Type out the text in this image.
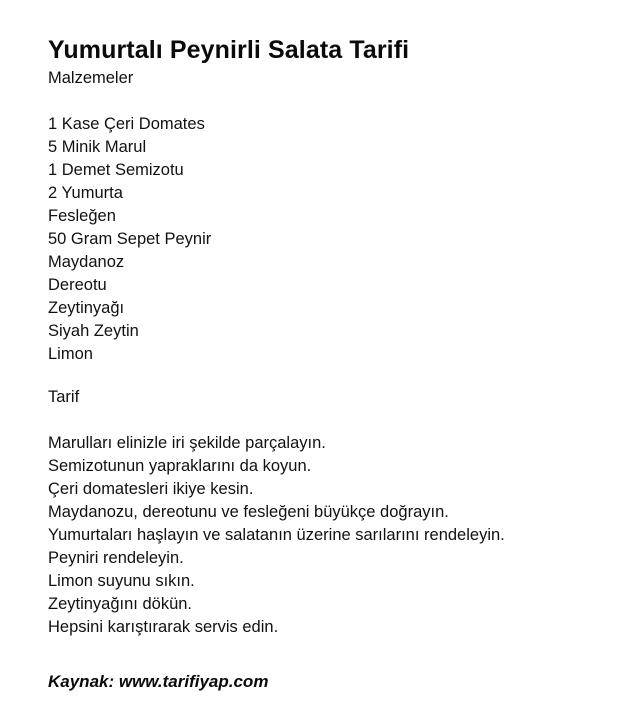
Yumurtalı Peynirli Salata Tarifi
Malzemeler
1 Kase Çeri Domates
5 Minik Marul
1 Demet Semizotu
2 Yumurta
Fesleğen
50 Gram Sepet Peynir
Maydanoz
Dereotu
Zeytinyağı
Siyah Zeytin
Limon
Tarif
Marulları elinizle iri şekilde parçalayın.
Semizotunun yapraklarını da koyun.
Çeri domatesleri ikiye kesin.
Maydanozu, dereotunu ve fesleğeni büyükçe doğrayın.
Yumurtaları haşlayın ve salatanın üzerine sarılarını rendeleyin.
Peyniri rendeleyin.
Limon suyunu sıkın.
Zeytinyağını dökün.
Hepsini karıştırarak servis edin.
Kaynak: www.tarifiyap.com
